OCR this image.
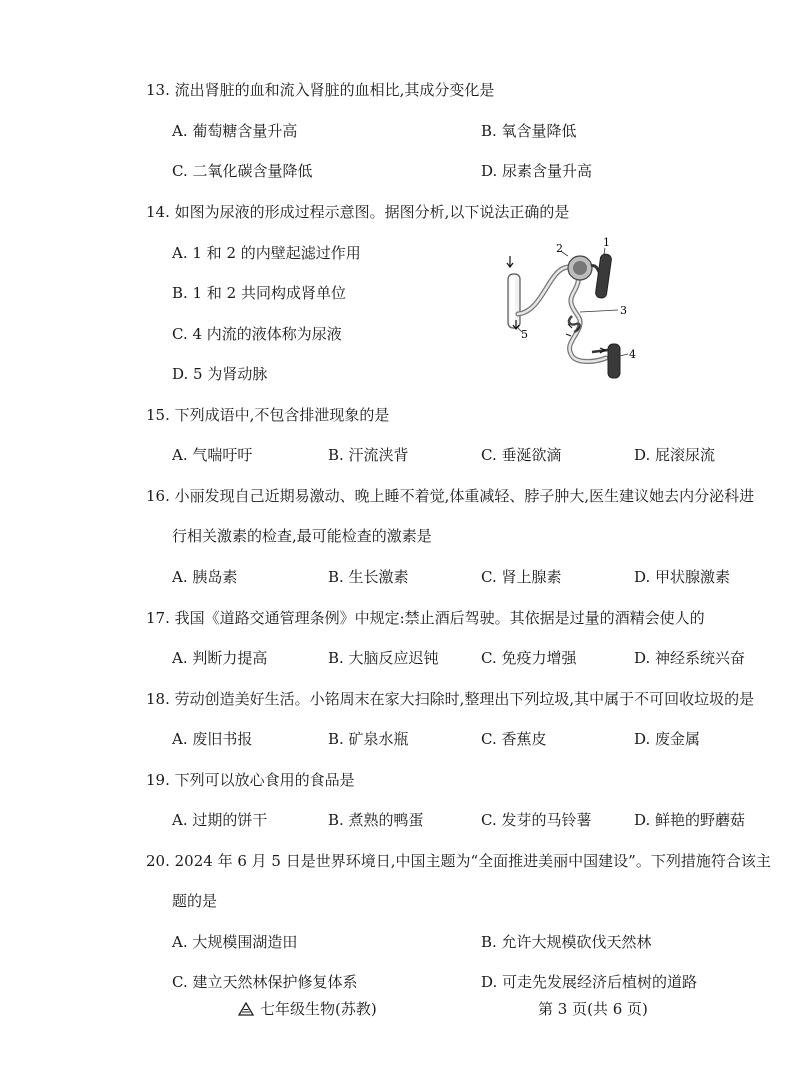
13. 流出肾脏的血和流入肾脏的血相比,其成分变化是
A. 葡萄糖含量升高	B. 氧含量降低
C. 二氧化碳含量降低	D. 尿素含量升高
14. 如图为尿液的形成过程示意图。据图分析,以下说法正确的是
A. 1 和 2 的内壁起滤过作用
B. 1 和 2 共同构成肾单位
C. 4 内流的液体称为尿液
D. 5 为肾动脉
1
2
3
4
5
15. 下列成语中,不包含排泄现象的是
A. 气喘吁吁	B. 汗流浃背	C. 垂涎欲滴	D. 屁滚尿流
16. 小丽发现自己近期易激动、晚上睡不着觉,体重减轻、脖子肿大,医生建议她去内分泌科进
行相关激素的检查,最可能检查的激素是
A. 胰岛素	B. 生长激素	C. 肾上腺素	D. 甲状腺激素
17. 我国《道路交通管理条例》中规定:禁止酒后驾驶。其依据是过量的酒精会使人的
A. 判断力提高	B. 大脑反应迟钝	C. 免疫力增强	D. 神经系统兴奋
18. 劳动创造美好生活。小铭周末在家大扫除时,整理出下列垃圾,其中属于不可回收垃圾的是
A. 废旧书报	B. 矿泉水瓶	C. 香蕉皮	D. 废金属
19. 下列可以放心食用的食品是
A. 过期的饼干	B. 煮熟的鸭蛋	C. 发芽的马铃薯	D. 鲜艳的野蘑菇
20. 2024 年 6 月 5 日是世界环境日,中国主题为“全面推进美丽中国建设”。下列措施符合该主
题的是
A. 大规模围湖造田	B. 允许大规模砍伐天然林
C. 建立天然林保护修复体系	D. 可走先发展经济后植树的道路
七年级生物(苏教)	第 3 页(共 6 页)
